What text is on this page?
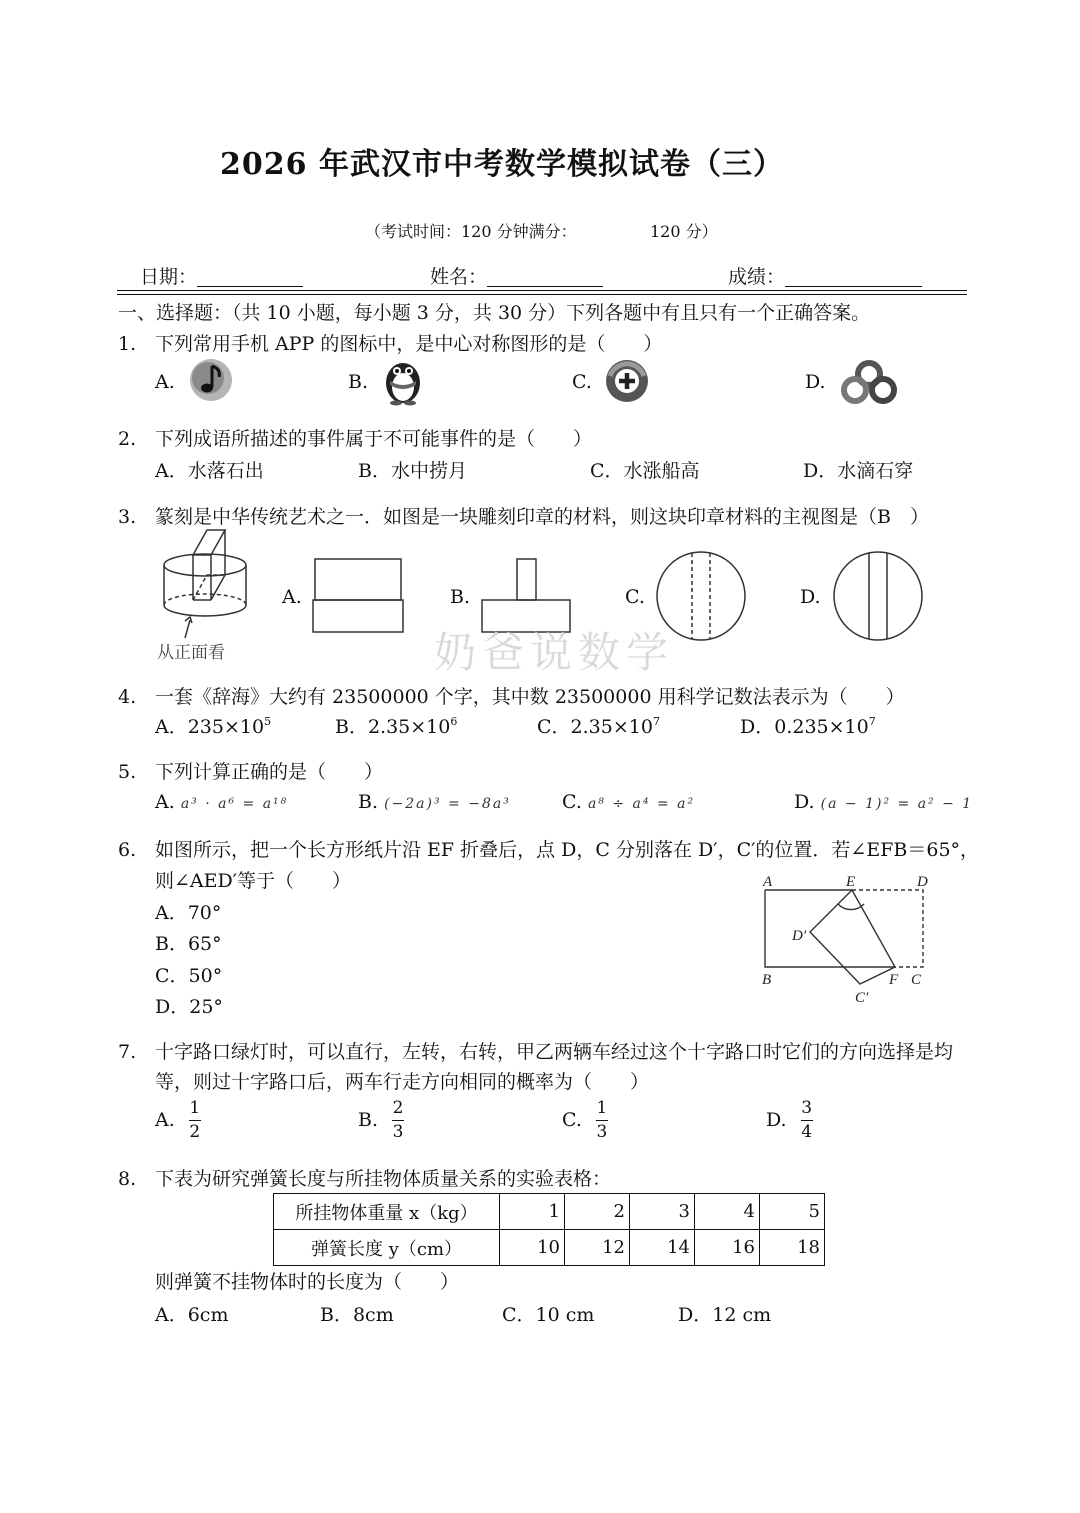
2026 年武汉市中考数学模拟试卷（三）
（考试时间：120 分钟满分：	120 分）
日期：	姓名：	成绩：
一、选择题：（共 10 小题，每小题 3 分，共 30 分）下列各题中有且只有一个正确答案。
1. 下列常用手机 APP 的图标中，是中心对称图形的是（　　）
A.	B.	C.	D.
2. 下列成语所描述的事件属于不可能事件的是（　　）
A．水落石出	B．水中捞月	C．水涨船高	D．水滴石穿
3. 篆刻是中华传统艺术之一．如图是一块雕刻印章的材料，则这块印章材料的主视图是（B　）
从正面看
A.	B.	C.	D.
奶爸说数学
4. 一套《辞海》大约有 23500000 个字，其中数 23500000 用科学记数法表示为（　　）
A．$235\times 10^5$	B．$2.35\times 10^6$	C．$2.35\times 10^7$	D．$0.235\times 10^7$
5. 下列计算正确的是（　　）
A. a³ · a⁶ = a¹⁸	B. (−2a)³ = −8a³	C. a⁸ ÷ a⁴ = a²	D. (a − 1)² = a² − 1
6. 如图所示，把一个长方形纸片沿 EF 折叠后，点 D，C 分别落在 D′，C′的位置．若∠EFB＝65°，
则∠AED′等于（　　）
A．70°
B．65°
C．50°
D．25°
A	E	D
D′
B	F C
C′
7. 十字路口绿灯时，可以直行，左转，右转，甲乙两辆车经过这个十字路口时它们的方向选择是均
等，则过十字路口后，两车行走方向相同的概率为（　　）
A. $\frac{1}{2}$	B. $\frac{2}{3}$	C. $\frac{1}{3}$	D. $\frac{3}{4}$
8. 下表为研究弹簧长度与所挂物体质量关系的实验表格：
所挂物体重量 x（kg）	1	2	3	4	5
弹簧长度 y（cm）	10	12	14	16	18
则弹簧不挂物体时的长度为（　　）
A．6cm	B．8cm	C．10 cm	D．12 cm
